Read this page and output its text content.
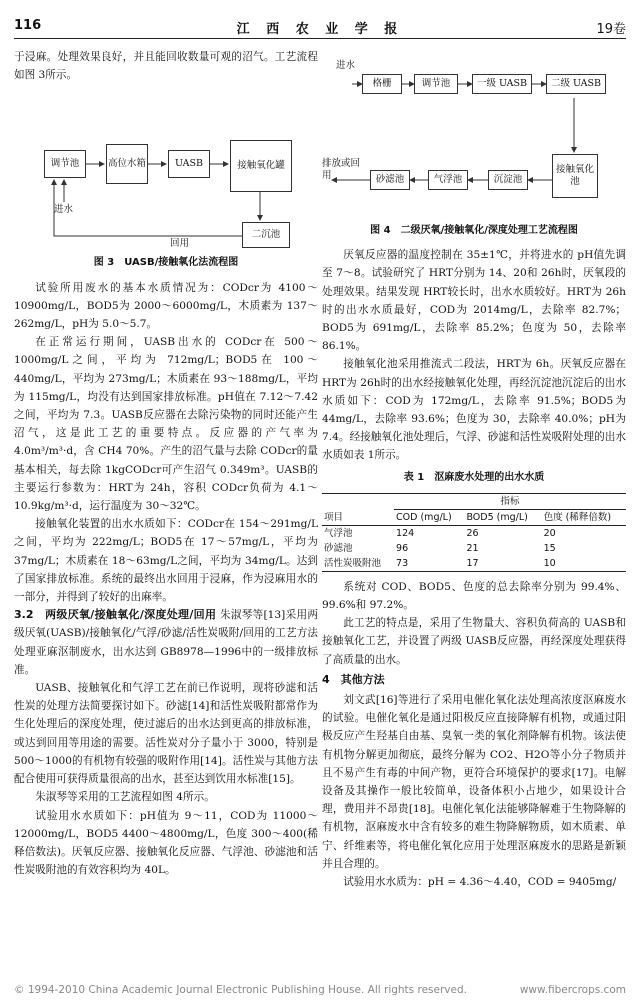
116	江 西 农 业 学 报	19卷

于浸麻。处理效果良好，并且能回收数量可观的沼气。工艺流程如图 3所示。

调节池	高位水箱	UASB	接触氧化罐
二沉池
进水
回用
图 3　UASB/接触氧化法流程图

试验所用废水的基本水质情况为：CODcr为 4100～10900mg/L，BOD5为 2000～6000mg/L，木质素为 137～262mg/L，pH为 5.0～5.7。

在正常运行期间，UASB出水的 CODcr在 500～1000mg/L之间，平均为 712mg/L；BOD5在 100～440mg/L，平均为 273mg/L；木质素在 93～188mg/L，平均为 115mg/L，均没有达到国家排放标准。pH值在 7.12～7.42之间，平均为 7.3。UASB反应器在去除污染物的同时还能产生沼气，这是此工艺的重要特点。反应器的产气率为 4.0m³/m³·d，含 CH4 70%。产生的沼气量与去除 CODcr的量基本相关，每去除 1kgCODcr可产生沼气 0.349m³。UASB的主要运行参数为：HRT为 24h，容积 CODcr负荷为 4.1～10.9kg/m³·d，运行温度为 30～32℃。

接触氧化装置的出水水质如下：CODcr在 154～291mg/L之间，平均为 222mg/L；BOD5在 17～57mg/L，平均为 37mg/L；木质素在 18～63mg/L之间，平均为 34mg/L。达到了国家排放标准。系统的最终出水回用于浸麻，作为浸麻用水的一部分，并得到了较好的出麻率。

3.2　两级厌氧/接触氧化/深度处理/回用 朱淑琴等[13]采用两级厌氧(UASB)/接触氧化/气浮/砂滤/活性炭吸附/回用的工艺方法处理亚麻沤制废水，出水达到 GB8978—1996中的一级排放标准。

UASB、接触氧化和气浮工艺在前已作说明，现将砂滤和活性炭的处理方法简要探讨如下。砂滤[14]和活性炭吸附都常作为生化处理后的深度处理，使过滤后的出水达到更高的排放标准，或达到回用等用途的需要。活性炭对分子量小于 3000，特别是 500～1000的有机物有较强的吸附作用[14]。活性炭与其他方法配合使用可获得质量很高的出水，甚至达到饮用水标准[15]。

朱淑琴等采用的工艺流程如图 4所示。

试验用水水质如下：pH值为 9～11，COD为 11000～12000mg/L，BOD5 4400～4800mg/L，色度 300～400(稀释倍数法)。厌氧反应器、接触氧化反应器、气浮池、砂滤池和活性炭吸附池的有效容积均为 40L。

进水
格栅	调节池	一级 UASB	二级 UASB
接触氧化池
沉淀池
气浮池
砂滤池
排放或回用
图 4　二级厌氧/接触氧化/深度处理工艺流程图

厌氧反应器的温度控制在 35±1℃，并将进水的 pH值先调至 7～8。试验研究了 HRT分别为 14、20和 26h时，厌氧段的处理效果。结果发现 HRT较长时，出水水质较好。HRT为 26h时的出水水质最好，COD为 2014mg/L，去除率 82.7%；BOD5为 691mg/L，去除率 85.2%；色度为 50，去除率 86.1%。

接触氧化池采用推流式二段法，HRT为 6h。厌氧反应器在 HRT为 26h时的出水经接触氧化处理，再经沉淀池沉淀后的出水水质如下：COD为 172mg/L，去除率 91.5%；BOD5为 44mg/L，去除率 93.6%；色度为 30，去除率 40.0%；pH为 7.4。经接触氧化池处理后，气浮、砂滤和活性炭吸附处理的出水水质如表 1所示。

表 1　沤麻废水处理的出水水质
	指标		
项目	COD (mg/L)	BOD5 (mg/L)	色度 (稀释倍数)
气浮池	124	26	20
砂滤池	96	21	15
活性炭吸附池	73	17	10

系统对 COD、BOD5、色度的总去除率分别为 99.4%、99.6%和 97.2%。

此工艺的特点是，采用了生物量大、容积负荷高的 UASB和接触氧化工艺，并设置了两级 UASB反应器，再经深度处理获得了高质量的出水。

4　其他方法

刘文武[16]等进行了采用电催化氧化法处理高浓度沤麻废水的试验。电催化氧化是通过阳极反应直接降解有机物，或通过阳极反应产生羟基自由基、臭氧一类的氧化剂降解有机物。该法使有机物分解更加彻底，最终分解为 CO2、H2O等小分子物质并且不易产生有毒的中间产物，更符合环境保护的要求[17]。电解设备及其操作一般比较简单，设备体积小占地少，如果设计合理，费用并不昂贵[18]。电催化氧化法能够降解难于生物降解的有机物，沤麻废水中含有较多的难生物降解物质，如木质素、单宁、纤维素等，将电催化氧化应用于处理沤麻废水的思路是新颖并且合理的。

试验用水水质为：pH = 4.36～4.40，COD = 9405mg/

© 1994-2010 China Academic Journal Electronic Publishing House. All rights reserved.	www.fibercrops.com
